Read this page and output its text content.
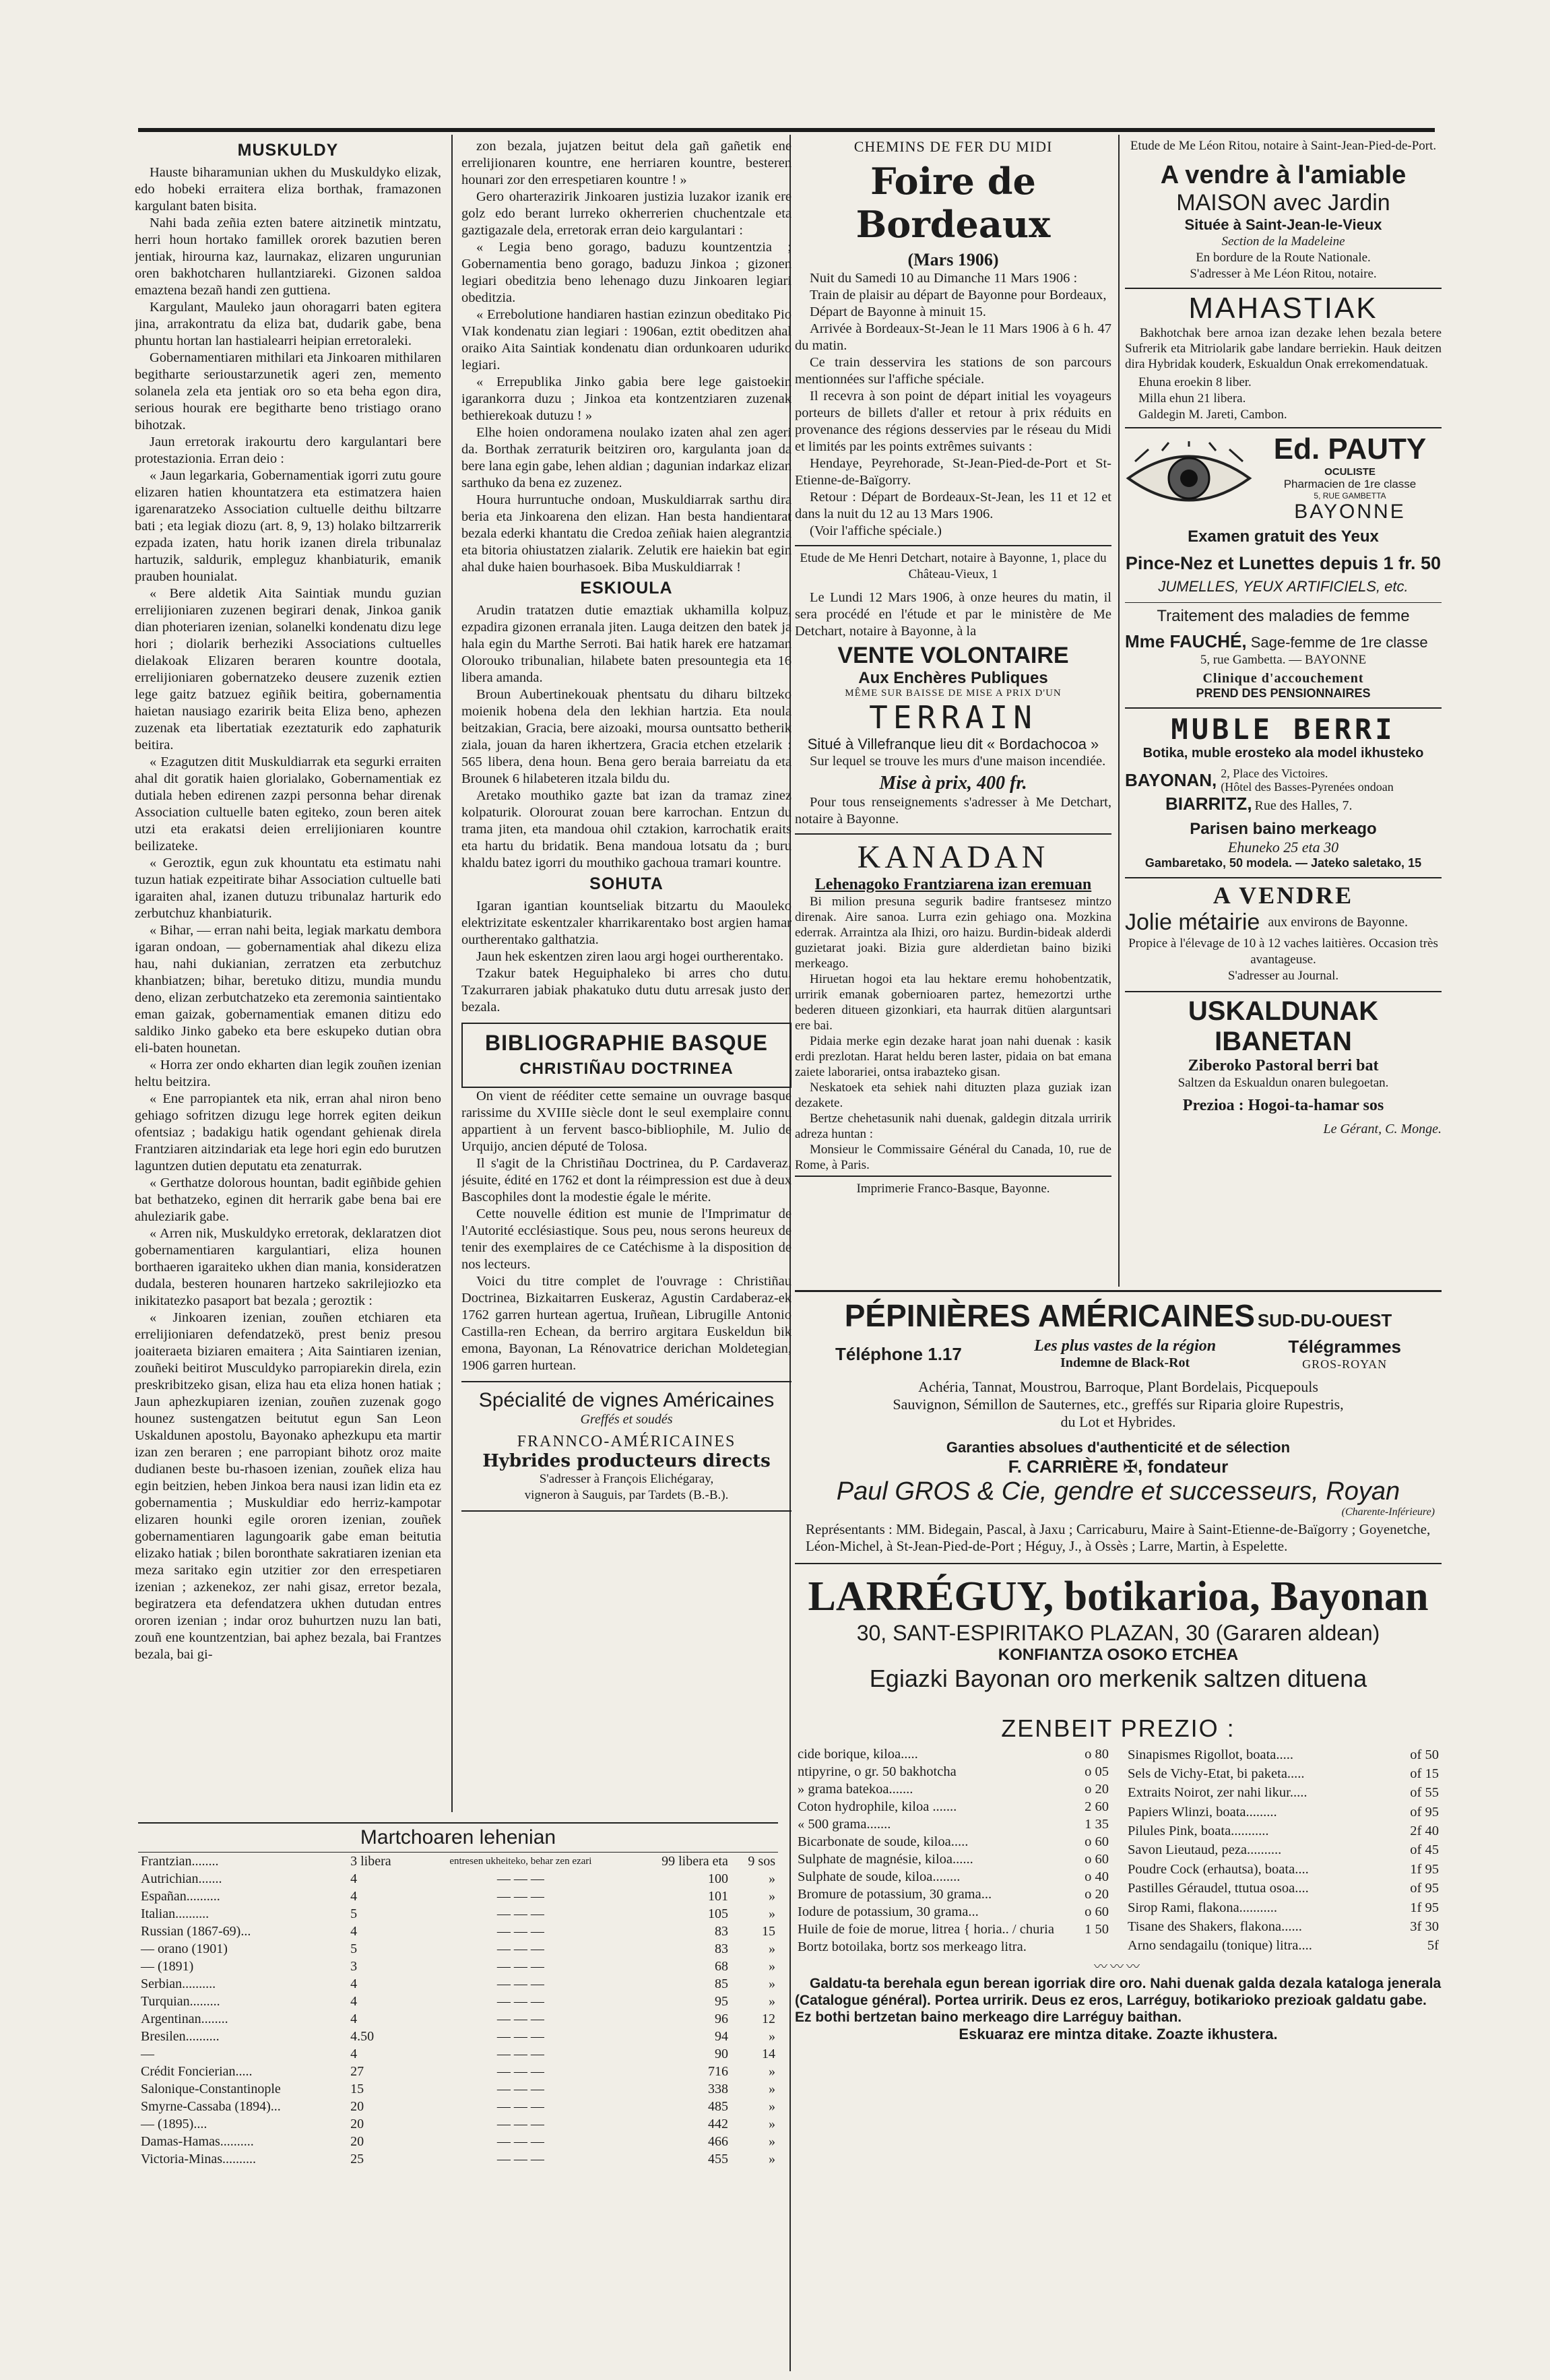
MUSKULDY

Hauste biharamunian ukhen du Muskuldyko elizak, edo hobeki erraitera eliza borthak, framazonen kargulant baten bisita.

Nahi bada zeñia ezten batere aitzinetik mintzatu, herri houn hortako famillek ororek bazutien beren jentiak, hirourna kaz, laurnakaz, elizaren ungurunian oren bakhotcharen hullantziareki. Gizonen saldoa emaztena bezañ handi zen guttiena.

Kargulant, Mauleko jaun ohoragarri baten egitera jina, arrakontratu da eliza bat, dudarik gabe, bena phuntu hortan lan hastialearri heipian erretoraleki.

Gobernamentiaren mithilari eta Jinkoaren mithilaren begitharte serioustarzunetik ageri zen, memento solanela zela eta jentiak oro so eta beha egon dira, serious hourak ere begitharte beno tristiago orano bihotzak.

Jaun erretorak irakourtu dero kargulantari bere protestazionia. Erran deio :

« Jaun legarkaria, Gobernamentiak igorri zutu goure elizaren hatien khountatzera eta estimatzera haien igarenaratzeko Association cultuelle deithu biltzarre bati ; eta legiak diozu (art. 8, 9, 13) holako biltzarrerik ezpada izaten, hatu horik izanen direla tribunalaz hartuzik, saldurik, empleguz khanbiaturik, emanik prauben hounialat.

« Bere aldetik Aita Saintiak mundu guzian errelijioniaren zuzenen begirari denak, Jinkoa ganik dian photeriaren izenian, solanelki kondenatu dizu lege hori ; diolarik berheziki Associations cultuelles dielakoak Elizaren beraren kountre dootala, errelijioniaren gobernatzeko deusere zuzenik eztien lege gaitz batzuez egiñik beitira, gobernamentia haietan nausiago ezaririk beita Eliza beno, aphezen zuzenak eta libertatiak ezeztaturik edo zaphaturik beitira.

« Ezagutzen ditit Muskuldiarrak eta segurki erraiten ahal dit goratik haien glorialako, Gobernamentiak ez dutiala heben edirenen zazpi personna behar direnak Association cultuelle baten egiteko, zoun beren aitek utzi eta erakatsi deien errelijioniaren kountre beilizateke.

« Geroztik, egun zuk khountatu eta estimatu nahi tuzun hatiak ezpeitirate bihar Association cultuelle bati igaraiten ahal, izanen dutuzu tribunalaz harturik edo zerbutchuz khanbiaturik.

« Bihar, — erran nahi beita, legiak markatu dembora igaran ondoan, — gobernamentiak ahal dikezu eliza hau, nahi dukianian, zerratzen eta zerbutchuz khanbiatzen; bihar, beretuko ditizu, mundia mundu deno, elizan zerbutchatzeko eta zeremonia saintientako eman gaizak, gobernamentiak emanen ditizu edo saldiko Jinko gabeko eta bere eskupeko dutian obra eli-baten hounetan.

« Horra zer ondo ekharten dian legik zouñen izenian heltu beitzira.

« Ene parropiantek eta nik, erran ahal niron beno gehiago sofritzen dizugu lege horrek egiten deikun ofentsiaz ; badakigu hatik ogendant gehienak direla Frantziaren aitzindariak eta lege hori egin edo burutzen laguntzen dutien deputatu eta zenaturrak.

« Gerthatze dolorous hountan, badit egiñbide gehien bat bethatzeko, eginen dit herrarik gabe bena bai ere ahuleziarik gabe.

« Arren nik, Muskuldyko erretorak, deklaratzen diot gobernamentiaren kargulantiari, eliza hounen borthaeren igaraiteko ukhen dian mania, konsideratzen dudala, besteren hounaren hartzeko sakrilejiozko eta inikitatezko pasaport bat bezala ; geroztik :

« Jinkoaren izenian, zouñen etchiaren eta errelijioniaren defendatzekö, prest beniz presou joaiteraeta biziaren emaitera ; Aita Saintiaren izenian, zouñeki beitirot Musculdyko parropiarekin direla, ezin preskribitzeko gisan, eliza hau eta eliza honen hatiak ; Jaun aphezkupiaren izenian, zouñen zuzenak gogo hounez sustengatzen beitutut egun San Leon Uskaldunen apostolu, Bayonako aphezkupu eta martir izan zen beraren ; ene parropiant bihotz oroz maite dudianen beste bu-rhasoen izenian, zouñek eliza hau egin beitzien, heben Jinkoa bera nausi izan lidin eta ez gobernamentia ; Muskuldiar edo herriz-kampotar elizaren hounki egile ororen izenian, zouñek gobernamentiaren lagungoarik gabe eman beitutia elizako hatiak ; bilen boronthate sakratiaren izenian eta meza saritako egin utzitier zor den errespetiaren izenian ; azkenekoz, zer nahi gisaz, erretor bezala, begiratzera eta defendatzera ukhen dutudan entres ororen izenian ; indar oroz buhurtzen nuzu lan bati, zouñ ene kountzentzian, bai aphez bezala, bai Frantzes bezala, bai gi-

zon bezala, jujatzen beitut dela gañ gañetik ene errelijionaren kountre, ene herriaren kountre, besteren hounari zor den errespetiaren kountre ! »

Gero oharterazirik Jinkoaren justizia luzakor izanik ere golz edo berant lurreko okherrerien chuchentzale eta gaztigazale dela, erretorak erran deio kargulantari :

« Legia beno gorago, baduzu kountzentzia ; Gobernamentia beno gorago, baduzu Jinkoa ; gizonen legiari obeditzia beno lehenago duzu Jinkoaren legiari obeditzia.

« Errebolutione handiaren hastian ezinzun obeditako Pio VIak kondenatu zian legiari : 1906an, eztit obeditzen ahal oraiko Aita Saintiak kondenatu dian ordunkoaren uduriko legiari.

« Errepublika Jinko gabia bere lege gaistoekin igarankorra duzu ; Jinkoa eta kontzentziaren zuzenak bethierekoak dutuzu ! »

Elhe hoien ondoramena noulako izaten ahal zen ageri da. Borthak zerraturik beitziren oro, kargulanta joan da bere lana egin gabe, lehen aldian ; dagunian indarkaz elizan sarthuko da bena ez zuzenez.

Houra hurruntuche ondoan, Muskuldiarrak sarthu dira beria eta Jinkoarena den elizan. Han besta handientarat bezala ederki khantatu die Credoa zeñiak haien alegrantzia eta bitoria ohiustatzen zialarik. Zelutik ere haiekin bat egin ahal duke haien bourhasoek. Biba Muskuldiarrak !

ESKIOULA

Arudin tratatzen dutie emaztiak ukhamilla kolpuz, ezpadira gizonen erranala jiten. Lauga deitzen den batek ja hala egin du Marthe Serroti. Bai hatik harek ere hatzaman Olorouko tribunalian, hilabete baten presountegia eta 16 libera amanda.

Broun Aubertinekouak phentsatu du diharu biltzeko moienik hobena dela den lekhian hartzia. Eta noula beitzakian, Gracia, bere aizoaki, moursa ountsatto betherik ziala, jouan da haren ikhertzera, Gracia etchen etzelarik : 565 libera, dena houn. Bena gero beraia barreiatu da eta Brounek 6 hilabeteren itzala bildu du.

Aretako mouthiko gazte bat izan da tramaz zinez kolpaturik. Olorourat zouan bere karrochan. Entzun du trama jiten, eta mandoua ohil cztakion, karrochatik eraits eta hartu du bridatik. Bena mandoua lotsatu da ; buru khaldu batez igorri du mouthiko gachoua tramari kountre.

SOHUTA

Igaran igantian kountseliak bitzartu du Maouleko elektrizitate eskentzaler kharrikarentako bost argien hamar ourtherentako galthatzia.

Jaun hek eskentzen ziren laou argi hogei ourtherentako.

Tzakur batek Heguiphaleko bi arres cho dutu. Tzakurraren jabiak phakatuko dutu dutu arresak justo den bezala.

BIBLIOGRAPHIE BASQUE
CHRISTIÑAU DOCTRINEA

On vient de rééditer cette semaine un ouvrage basque rarissime du XVIIIe siècle dont le seul exemplaire connu appartient à un fervent basco-bibliophile, M. Julio de Urquijo, ancien député de Tolosa.

Il s'agit de la Christiñau Doctrinea, du P. Cardaveraz, jésuite, édité en 1762 et dont la réimpression est due à deux Bascophiles dont la modestie égale le mérite.

Cette nouvelle édition est munie de l'Imprimatur de l'Autorité ecclésiastique. Sous peu, nous serons heureux de tenir des exemplaires de ce Catéchisme à la disposition de nos lecteurs.

Voici du titre complet de l'ouvrage : Christiñau Doctrinea, Bizkaitarren Euskeraz, Agustin Cardaberaz-ek 1762 garren hurtean agertua, Iruñean, Librugille Antonio Castilla-ren Echean, da berriro argitara Euskeldun bik emona, Bayonan, La Rénovatrice derichan Moldetegian, 1906 garren hurtean.

Spécialité de vignes Américaines
Greffés et soudés
FRANNCO-AMÉRICAINES
Hybrides producteurs directs
S'adresser à François Elichégaray,
vigneron à Sauguis, par Tardets (B.-B.).
CHEMINS DE FER DU MIDI
Foire de Bordeaux
(Mars 1906)

Nuit du Samedi 10 au Dimanche 11 Mars 1906 :

Train de plaisir au départ de Bayonne pour Bordeaux,

Départ de Bayonne à minuit 15.

Arrivée à Bordeaux-St-Jean le 11 Mars 1906 à 6 h. 47 du matin.

Ce train desservira les stations de son parcours mentionnées sur l'affiche spéciale.

Il recevra à son point de départ initial les voyageurs porteurs de billets d'aller et retour à prix réduits en provenance des régions desservies par le réseau du Midi et limités par les points extrêmes suivants :

Hendaye, Peyrehorade, St-Jean-Pied-de-Port et St-Etienne-de-Baïgorry.

Retour : Départ de Bordeaux-St-Jean, les 11 et 12 et dans la nuit du 12 au 13 Mars 1906.

(Voir l'affiche spéciale.)

Etude de Me Henri Detchart, notaire à Bayonne, 1, place du Château-Vieux, 1

Le Lundi 12 Mars 1906, à onze heures du matin, il sera procédé en l'étude et par le ministère de Me Detchart, notaire à Bayonne, à la

VENTE VOLONTAIRE
Aux Enchères Publiques
MÊME SUR BAISSE DE MISE A PRIX D'UN
TERRAIN
Situé à Villefranque lieu dit « Bordachocoa »

Sur lequel se trouve les murs d'une maison incendiée.

Mise à prix, 400 fr.

Pour tous renseignements s'adresser à Me Detchart, notaire à Bayonne.

KANADAN
Lehenagoko Frantziarena izan eremuan

Bi milion presuna segurik badire frantsesez mintzo direnak. Aire sanoa. Lurra ezin gehiago ona. Mozkina ederrak. Arraintza ala Ihizi, oro haizu. Burdin-bideak alderdi guzietarat joaki. Bizia gure alderdietan baino biziki merkeago.

Hiruetan hogoi eta lau hektare eremu hohobentzatik, urririk emanak gobernioaren partez, hemezortzi urthe bederen ditueen gizonkiari, eta haurrak ditüen alarguntsari ere bai.

Pidaia merke egin dezake harat joan nahi duenak : kasik erdi prezlotan. Harat heldu beren laster, pidaia on bat emana zaiete laborariei, ontsa irabazteko gisan.

Neskatoek eta sehiek nahi dituzten plaza guziak izan dezakete.

Bertze chehetasunik nahi duenak, galdegin ditzala urririk adreza huntan :

Monsieur le Commissaire Général du Canada, 10, rue de Rome, à Paris.

Imprimerie Franco-Basque, Bayonne.
Etude de Me Léon Ritou, notaire à Saint-Jean-Pied-de-Port.
A vendre à l'amiable
MAISON avec Jardin
Située à Saint-Jean-le-Vieux
Section de la Madeleine
En bordure de la Route Nationale.
S'adresser à Me Léon Ritou, notaire.
MAHASTIAK

Bakhotchak bere arnoa izan dezake lehen bezala betere Sufrerik eta Mitriolarik gabe landare berriekin. Hauk deitzen dira Hybridak kouderk, Eskualdun Onak errekomendatuak.

Ehuna eroekin 8 liber.
Milla ehun 21 libera.
Galdegin M. Jareti, Cambon.
Ed. PAUTY
OCULISTE
Pharmacien de 1re classe
5, RUE GAMBETTA
BAYONNE
Examen gratuit des Yeux
Pince-Nez et Lunettes depuis 1 fr. 50
JUMELLES, YEUX ARTIFICIELS, etc.
Traitement des maladies de femme
Mme FAUCHÉ, Sage-femme de 1re classe
5, rue Gambetta. — BAYONNE
Clinique d'accouchement
PREND DES PENSIONNAIRES
MUBLE BERRI
Botika, muble erosteko ala model ikhusteko
BAYONAN, 2, Place des Victoires.
(Hôtel des Basses-Pyrenées ondoan
BIARRITZ, Rue des Halles, 7.
Parisen baino merkeago
Ehuneko 25 eta 30
Gambaretako, 50 modela. — Jateko saletako, 15
A VENDRE
Jolie métairie aux environs de Bayonne.
Propice à l'élevage de 10 à 12 vaches laitières. Occasion très avantageuse.
S'adresser au Journal.
USKALDUNAK IBANETAN
Ziberoko Pastoral berri bat
Saltzen da Eskualdun onaren bulegoetan.
Prezioa : Hogoi-ta-hamar sos
Le Gérant, C. Monge.
PÉPINIÈRES AMÉRICAINES SUD-DU-OUEST
Téléphone 1.17	Les plus vastes de la région
Indemne de Black-Rot
Télégrammes
GROS-ROYAN
Achéria, Tannat, Moustrou, Barroque, Plant Bordelais, Picquepouls Sauvignon, Sémillon de Sauternes, etc., greffés sur Riparia gloire Rupestris, du Lot et Hybrides.
Garanties absolues d'authenticité et de sélection
F. CARRIÈRE ✠, fondateur
Paul GROS & Cie, gendre et successeurs, Royan
(Charente-Inférieure)
Représentants : MM. Bidegain, Pascal, à Jaxu ; Carricaburu, Maire à Saint-Etienne-de-Baïgorry ; Goyenetche, Léon-Michel, à St-Jean-Pied-de-Port ; Héguy, J., à Ossès ; Larre, Martin, à Espelette.
LARRÉGUY, botikarioa, Bayonan
30, SANT-ESPIRITAKO PLAZAN, 30 (Gararen aldean)
KONFIANTZA OSOKO ETCHEA
Egiazki Bayonan oro merkenik saltzen dituena
ZENBEIT PREZIO :
cide borique, kiloa.....	o 80
ntipyrine, o gr. 50 bakhotcha	o 05
» grama batekoa.......	o 20
Coton hydrophile, kiloa .......	2 60
« 500 grama.......	1 35
Bicarbonate de soude, kiloa.....	o 60
Sulphate de magnésie, kiloa......	o 60
Sulphate de soude, kiloa........	o 40
Bromure de potassium, 30 grama...	o 20
Iodure de potassium, 30 grama...	o 60
Huile de foie de morue, litrea { horia.. / churia	1 50
Bortz botoilaka, bortz sos merkeago litra.	
Sinapismes Rigollot, boata.....	of 50
Sels de Vichy-Etat, bi paketa.....	of 15
Extraits Noirot, zer nahi likur.....	of 55
Papiers Wlinzi, boata.........	of 95
Pilules Pink, boata...........	2f 40
Savon Lieutaud, peza..........	of 45
Poudre Cock (erhautsa), boata....	1f 95
Pastilles Géraudel, ttutua osoa....	of 95
Sirop Rami, flakona...........	1f 95
Tisane des Shakers, flakona......	3f 30
Arno sendagailu (tonique) litra....	5f
〰〰〰
Galdatu-ta berehala egun berean igorriak dire oro. Nahi duenak galda dezala kataloga jenerala (Catalogue général). Portea urririk. Deus ez eros, Larréguy, botikarioko prezioak galdatu gabe. Ez bothi bertzetan baino merkeago dire Larréguy baithan.
Eskuaraz ere mintza ditake. Zoazte ikhustera.
Martchoaren lehenian
Frantzian........	3 libera	entresen ukheiteko, behar zen ezari	99 libera eta	9 sos
Autrichian.......	4	— — —	100	»
Españan..........	4	— — —	101	»
Italian..........	5	— — —	105	»
Russian (1867-69)...	4	— — —	83	15
— orano (1901)	5	— — —	83	»
— (1891)	3	— — —	68	»
Serbian..........	4	— — —	85	»
Turquian.........	4	— — —	95	»
Argentinan........	4	— — —	96	12
Bresilen..........	4.50	— — —	94	»
—	4	— — —	90	14
Crédit Foncierian.....	27	— — —	716	»
Salonique-Constantinople	15	— — —	338	»
Smyrne-Cassaba (1894)...	20	— — —	485	»
— (1895)....	20	— — —	442	»
Damas-Hamas..........	20	— — —	466	»
Victoria-Minas..........	25	— — —	455	»
